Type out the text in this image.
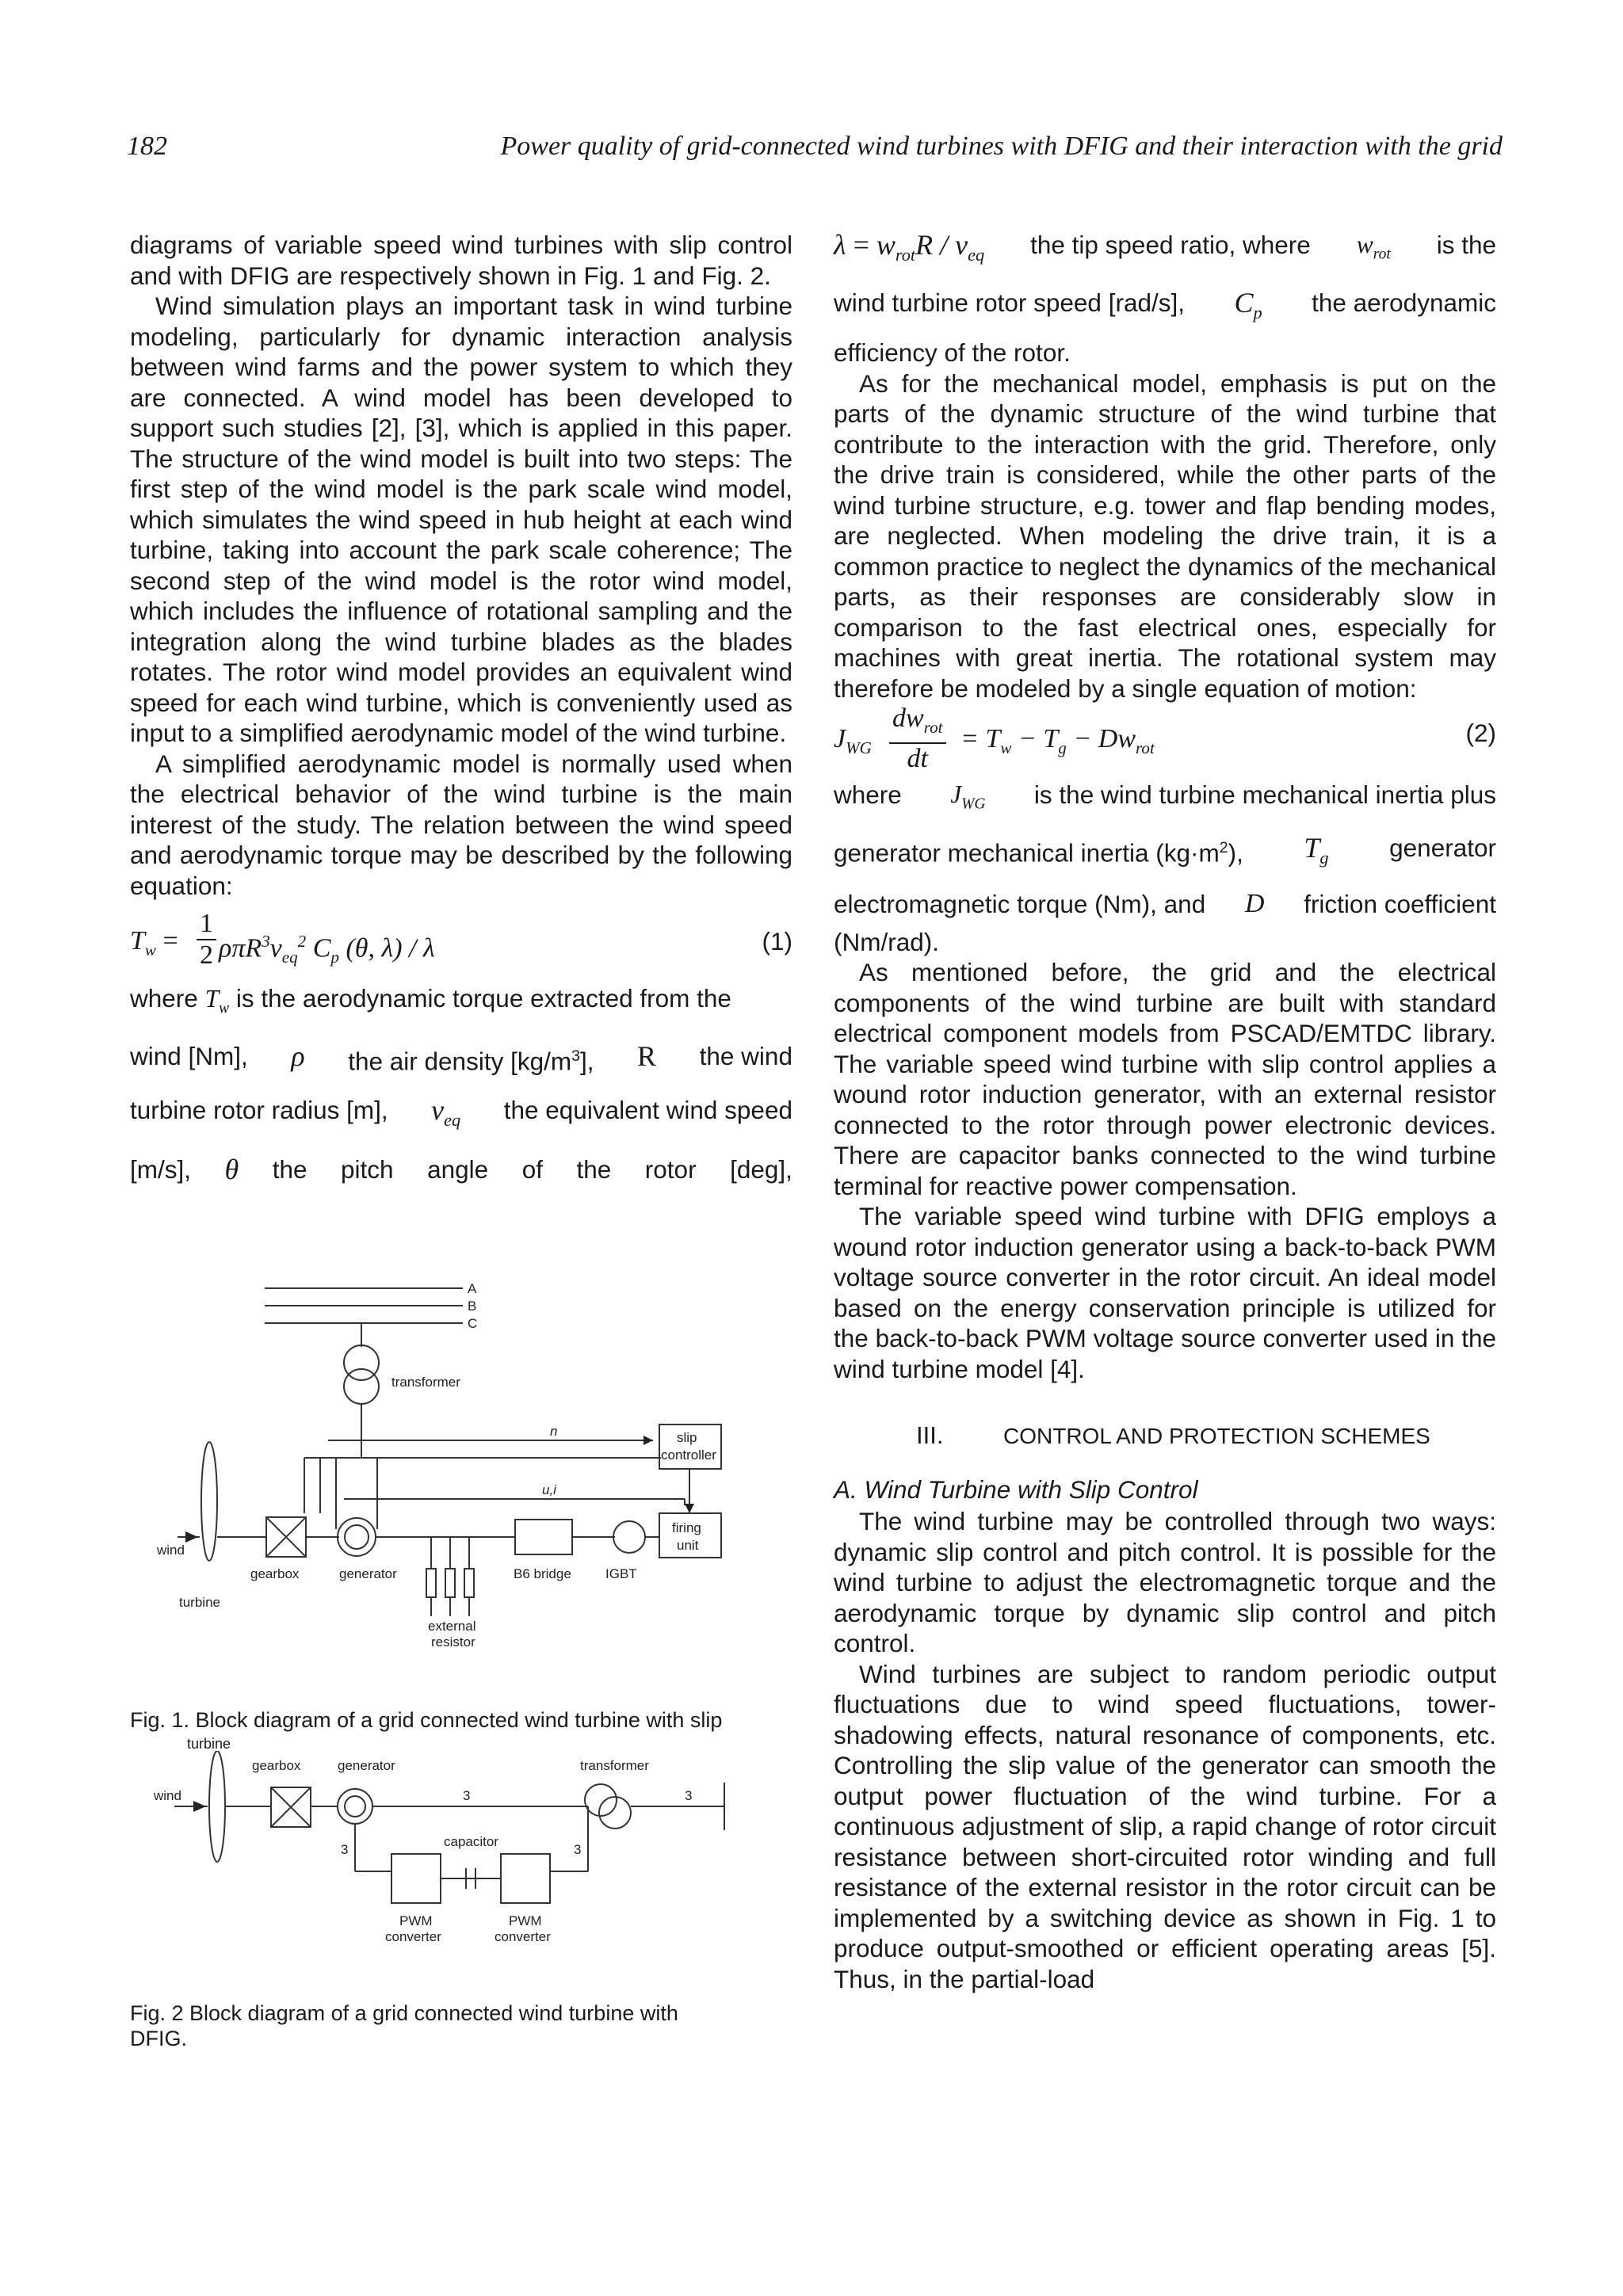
182	Power quality of grid-connected wind turbines with DFIG and their interaction with the grid

diagrams of variable speed wind turbines with slip control and with DFIG are respectively shown in Fig. 1 and Fig. 2.

Wind simulation plays an important task in wind turbine modeling, particularly for dynamic interaction analysis between wind farms and the power system to which they are connected. A wind model has been developed to support such studies [2], [3], which is applied in this paper. The structure of the wind model is built into two steps: The first step of the wind model is the park scale wind model, which simulates the wind speed in hub height at each wind turbine, taking into account the park scale coherence; The second step of the wind model is the rotor wind model, which includes the influence of rotational sampling and the integration along the wind turbine blades as the blades rotates. The rotor wind model provides an equivalent wind speed for each wind turbine, which is conveniently used as input to a simplified aerodynamic model of the wind turbine.

A simplified aerodynamic model is normally used when the electrical behavior of the wind turbine is the main interest of the study. The relation between the wind speed and aerodynamic torque may be described by the following equation:

$T_w = \frac{1}{2} \rho\pi R^3v_{eq}^2$ $C_p$ (θ, λ) / λ	(1)

where $T_w$ is the aerodynamic torque extracted from the

wind [Nm], ρ the air density $[kg/m^3]$, R the wind
turbine rotor radius [m], $v_{eq}$ the equivalent wind speed
[m/s], θ the pitch angle of the rotor [deg],
A
B
C
transformer
n
u,i
slip
controller
firing
unit
wind
gearbox	generator	B6 bridge	IGBT
turbine
external
resistor

Fig. 1. Block diagram of a grid connected wind turbine with slip

turbine

gearbox	generator	transformer
wind	3	3
3	3
capacitor
PWM
converter
PWM
converter

Fig. 2 Block diagram of a grid connected wind turbine with

DFIG.

$\lambda = w_{rot}R / v_{eq}$ the tip speed ratio, where $w_{rot}$ is the
wind turbine rotor speed [rad/s], $C_p$ the aerodynamic

efficiency of the rotor.

As for the mechanical model, emphasis is put on the parts of the dynamic structure of the wind turbine that contribute to the interaction with the grid. Therefore, only the drive train is considered, while the other parts of the wind turbine structure, e.g. tower and flap bending modes, are neglected. When modeling the drive train, it is a common practice to neglect the dynamics of the mechanical parts, as their responses are considerably slow in comparison to the fast electrical ones, especially for machines with great inertia. The rotational system may therefore be modeled by a single equation of motion:

$J_{WG}$
$dw_{rot}$
dt
= $T_w - T_g - Dw_{rot}$
(2)
where $J_{WG}$ is the wind turbine mechanical inertia plus
generator mechanical inertia $(kg\cdot m^2)$, $T_g$ generator
electromagnetic torque (Nm), and D friction coefficient

(Nm/rad).

As mentioned before, the grid and the electrical components of the wind turbine are built with standard electrical component models from PSCAD/EMTDC library. The variable speed wind turbine with slip control applies a wound rotor induction generator, with an external resistor connected to the rotor through power electronic devices. There are capacitor banks connected to the wind turbine terminal for reactive power compensation.

The variable speed wind turbine with DFIG employs a wound rotor induction generator using a back-to-back PWM voltage source converter in the rotor circuit. An ideal model based on the energy conservation principle is utilized for the back-to-back PWM voltage source converter used in the wind turbine model [4].

III.	CONTROL AND PROTECTION SCHEMES

A. Wind Turbine with Slip Control

The wind turbine may be controlled through two ways: dynamic slip control and pitch control. It is possible for the wind turbine to adjust the electromagnetic torque and the aerodynamic torque by dynamic slip control and pitch control.

Wind turbines are subject to random periodic output fluctuations due to wind speed fluctuations, tower-shadowing effects, natural resonance of components, etc. Controlling the slip value of the generator can smooth the output power fluctuation of the wind turbine. For a continuous adjustment of slip, a rapid change of rotor circuit resistance between short-circuited rotor winding and full resistance of the external resistor in the rotor circuit can be implemented by a switching device as shown in Fig. 1 to produce output-smoothed or efficient operating areas [5]. Thus, in the partial-load
